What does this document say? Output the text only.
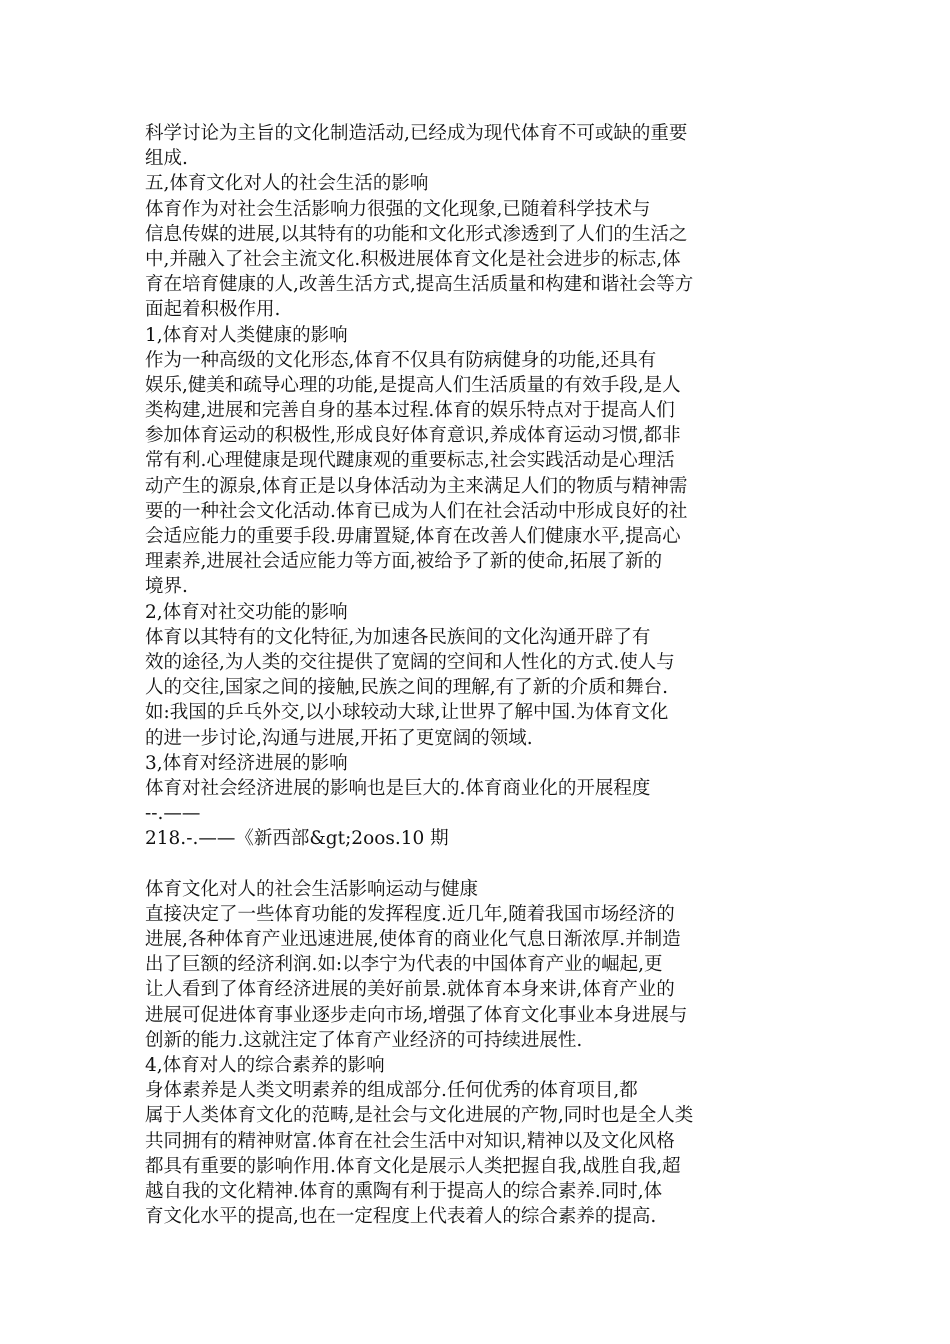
科学讨论为主旨的文化制造活动,已经成为现代体育不可或缺的重要
组成.
五,体育文化对人的社会生活的影响
体育作为对社会生活影响力很强的文化现象,已随着科学技术与
信息传媒的进展,以其特有的功能和文化形式渗透到了人们的生活之
中,并融入了社会主流文化.积极进展体育文化是社会进步的标志,体
育在培育健康的人,改善生活方式,提高生活质量和构建和谐社会等方
面起着积极作用.
1,体育对人类健康的影响
作为一种高级的文化形态,体育不仅具有防病健身的功能,还具有
娱乐,健美和疏导心理的功能,是提高人们生活质量的有效手段,是人
类构建,进展和完善自身的基本过程.体育的娱乐特点对于提高人们
参加体育运动的积极性,形成良好体育意识,养成体育运动习惯,都非
常有利.心理健康是现代踺康观的重要标志,社会实践活动是心理活
动产生的源泉,体育正是以身体活动为主来满足人们的物质与精神需
要的一种社会文化活动.体育已成为人们在社会活动中形成良好的社
会适应能力的重要手段.毋庸置疑,体育在改善人们健康水平,提高心
理素养,进展社会适应能力等方面,被给予了新的使命,拓展了新的
境界.
2,体育对社交功能的影响
体育以其特有的文化特征,为加速各民族间的文化沟通开辟了有
效的途径,为人类的交往提供了宽阔的空间和人性化的方式.使人与
人的交往,国家之间的接触,民族之间的理解,有了新的介质和舞台.
如:我国的乒乓外交,以小球较动大球,让世界了解中国.为体育文化
的进一步讨论,沟通与进展,开拓了更宽阔的领域.
3,体育对经济进展的影响
体育对社会经济进展的影响也是巨大的.体育商业化的开展程度
--.——
218.-.——《新西部&gt;2oos.10 期
体育文化对人的社会生活影响运动与健康
直接决定了一些体育功能的发挥程度.近几年,随着我国市场经济的
进展,各种体育产业迅速进展,使体育的商业化气息日渐浓厚.并制造
出了巨额的经济利润.如:以李宁为代表的中国体育产业的崛起,更
让人看到了体育经济进展的美好前景.就体育本身来讲,体育产业的
进展可促进体育事业逐步走向市场,增强了体育文化事业本身进展与
创新的能力.这就注定了体育产业经济的可持续进展性.
4,体育对人的综合素养的影响
身体素养是人类文明素养的组成部分.任何优秀的体育项目,都
属于人类体育文化的范畴,是社会与文化进展的产物,同时也是全人类
共同拥有的精神财富.体育在社会生活中对知识,精神以及文化风格
都具有重要的影响作用.体育文化是展示人类把握自我,战胜自我,超
越自我的文化精神.体育的熏陶有利于提高人的综合素养.同时,体
育文化水平的提高,也在一定程度上代表着人的综合素养的提高.
